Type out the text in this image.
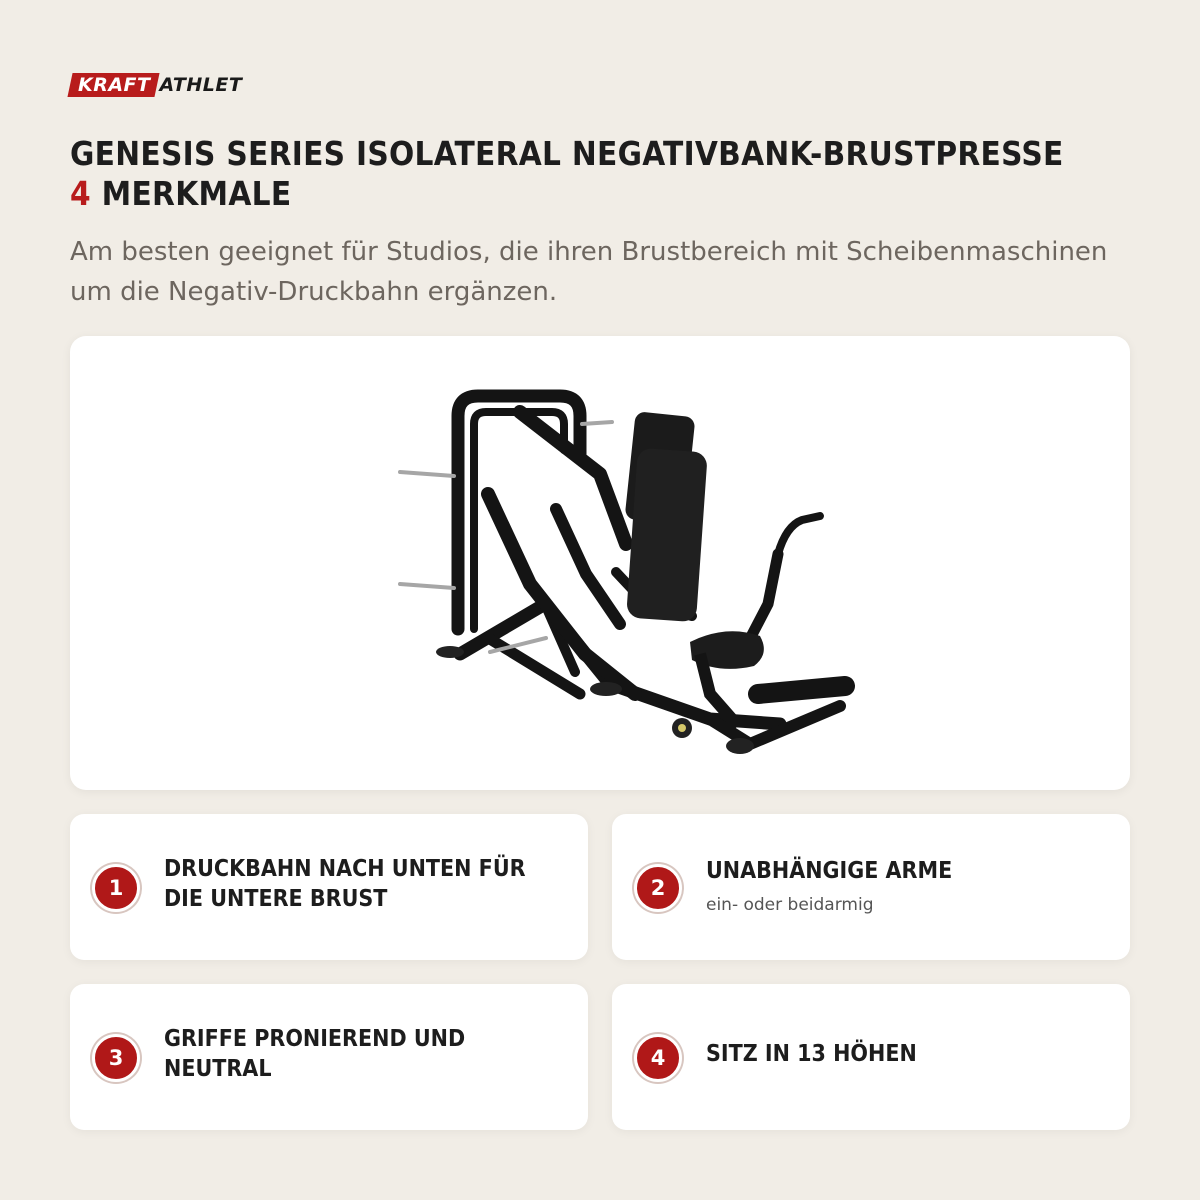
KRAFT ATHLET
GENESIS SERIES ISOLATERAL NEGATIVBANK-BRUSTPRESSE
4 MERKMALE

Am besten geeignet für Studios, die ihren Brustbereich mit Scheibenmaschinen um die Negativ-Druckbahn ergänzen.

1
DRUCKBAHN NACH UNTEN FÜR DIE UNTERE BRUST	2
UNABHÄNGIGE ARME
ein- oder beidarmig
3
GRIFFE PRONIEREND UND NEUTRAL	4	SITZ IN 13 HÖHEN
